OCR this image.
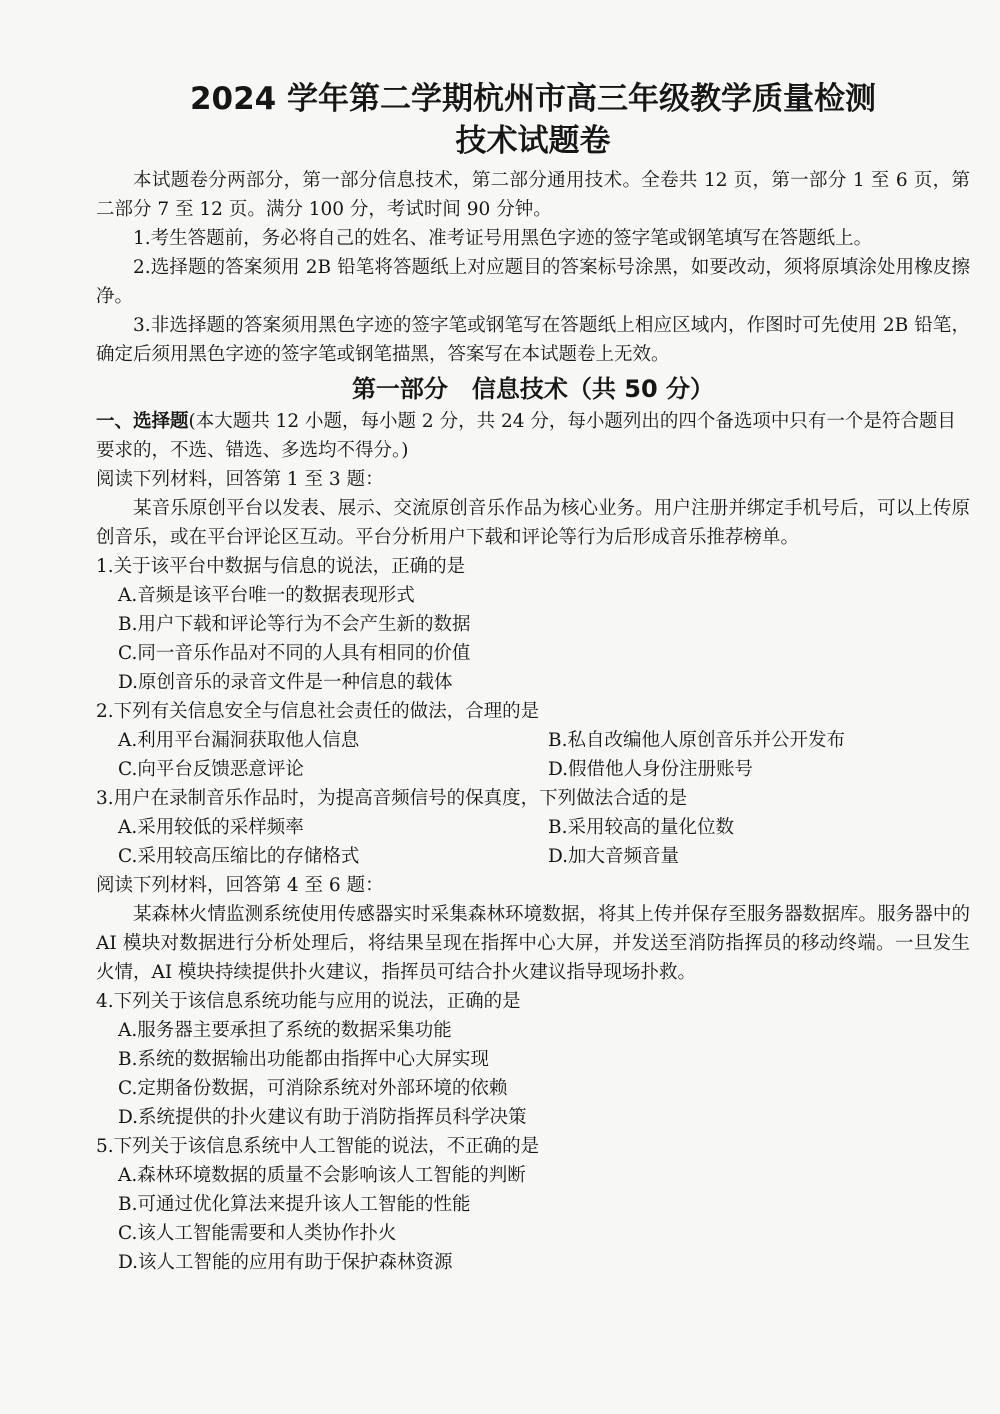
2024 学年第二学期杭州市高三年级教学质量检测
技术试题卷
本试题卷分两部分，第一部分信息技术，第二部分通用技术。全卷共 12 页，第一部分 1 至 6 页，第二部分 7 至 12 页。满分 100 分，考试时间 90 分钟。
1.考生答题前，务必将自己的姓名、准考证号用黑色字迹的签字笔或钢笔填写在答题纸上。
2.选择题的答案须用 2B 铅笔将答题纸上对应题目的答案标号涂黑，如要改动，须将原填涂处用橡皮擦净。
3.非选择题的答案须用黑色字迹的签字笔或钢笔写在答题纸上相应区域内，作图时可先使用 2B 铅笔，确定后须用黑色字迹的签字笔或钢笔描黑，答案写在本试题卷上无效。
第一部分　信息技术（共 50 分）
一、选择题(本大题共 12 小题，每小题 2 分，共 24 分，每小题列出的四个备选项中只有一个是符合题目要求的，不选、错选、多选均不得分。)
阅读下列材料，回答第 1 至 3 题：
某音乐原创平台以发表、展示、交流原创音乐作品为核心业务。用户注册并绑定手机号后，可以上传原创音乐，或在平台评论区互动。平台分析用户下载和评论等行为后形成音乐推荐榜单。
1.关于该平台中数据与信息的说法，正确的是
A.音频是该平台唯一的数据表现形式
B.用户下载和评论等行为不会产生新的数据
C.同一音乐作品对不同的人具有相同的价值
D.原创音乐的录音文件是一种信息的载体
2.下列有关信息安全与信息社会责任的做法，合理的是
A.利用平台漏洞获取他人信息	B.私自改编他人原创音乐并公开发布
C.向平台反馈恶意评论	D.假借他人身份注册账号
3.用户在录制音乐作品时，为提高音频信号的保真度，下列做法合适的是
A.采用较低的采样频率	B.采用较高的量化位数
C.采用较高压缩比的存储格式	D.加大音频音量
阅读下列材料，回答第 4 至 6 题：
某森林火情监测系统使用传感器实时采集森林环境数据，将其上传并保存至服务器数据库。服务器中的 AI 模块对数据进行分析处理后，将结果呈现在指挥中心大屏，并发送至消防指挥员的移动终端。一旦发生火情，AI 模块持续提供扑火建议，指挥员可结合扑火建议指导现场扑救。
4.下列关于该信息系统功能与应用的说法，正确的是
A.服务器主要承担了系统的数据采集功能
B.系统的数据输出功能都由指挥中心大屏实现
C.定期备份数据，可消除系统对外部环境的依赖
D.系统提供的扑火建议有助于消防指挥员科学决策
5.下列关于该信息系统中人工智能的说法，不正确的是
A.森林环境数据的质量不会影响该人工智能的判断
B.可通过优化算法来提升该人工智能的性能
C.该人工智能需要和人类协作扑火
D.该人工智能的应用有助于保护森林资源
